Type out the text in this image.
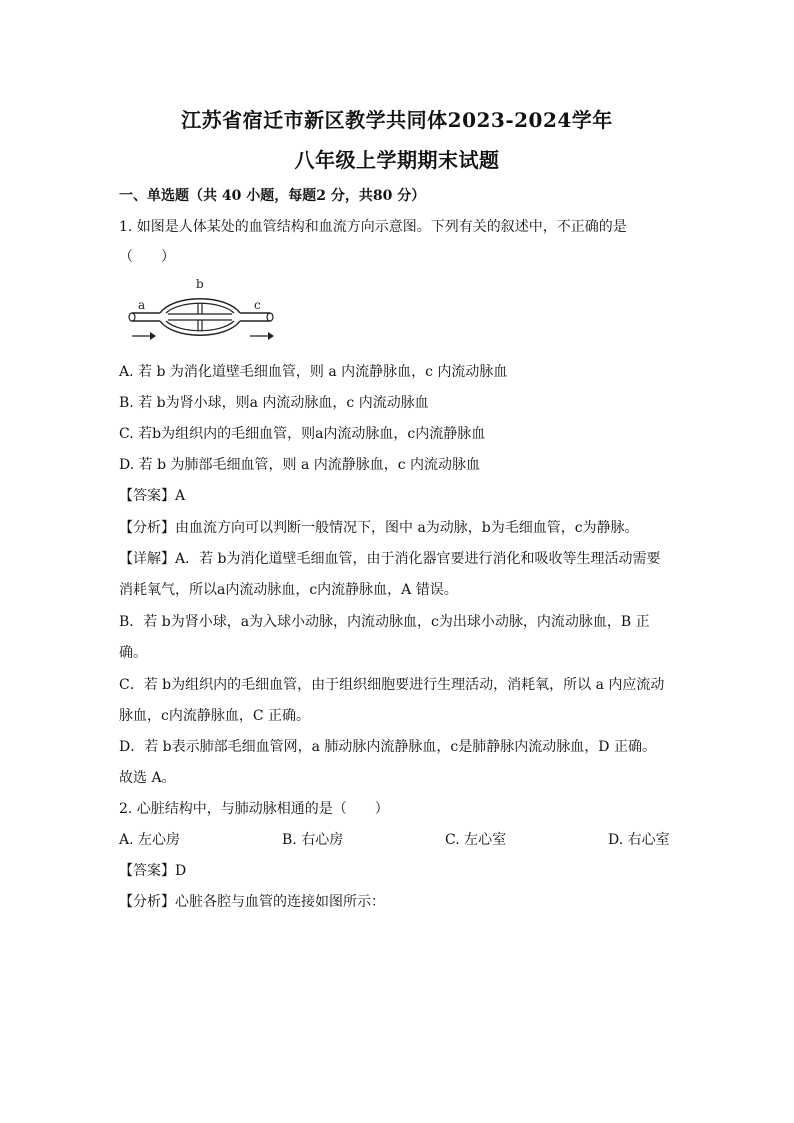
江苏省宿迁市新区教学共同体2023-2024学年
八年级上学期期末试题
一、单选题（共 40 小题，每题2 分，共80 分）
1. 如图是人体某处的血管结构和血流方向示意图。下列有关的叙述中，不正确的是
（　　）
a
b
c
A. 若 b 为消化道壁毛细血管，则 a 内流静脉血，c 内流动脉血
B. 若 b为肾小球，则a 内流动脉血，c 内流动脉血
C. 若b为组织内的毛细血管，则a内流动脉血，c内流静脉血
D. 若 b 为肺部毛细血管，则 a 内流静脉血，c 内流动脉血
【答案】A
【分析】由血流方向可以判断一般情况下，图中 a为动脉，b为毛细血管，c为静脉。
【详解】A．若 b为消化道壁毛细血管，由于消化器官要进行消化和吸收等生理活动需要
消耗氧气，所以a内流动脉血，c内流静脉血，A 错误。
B．若 b为肾小球，a为入球小动脉，内流动脉血，c为出球小动脉，内流动脉血，B 正
确。
C．若 b为组织内的毛细血管，由于组织细胞要进行生理活动，消耗氧，所以 a 内应流动
脉血，c内流静脉血，C 正确。
D．若 b表示肺部毛细血管网，a 肺动脉内流静脉血，c是肺静脉内流动脉血，D 正确。
故选 A。
2. 心脏结构中，与肺动脉相通的是（　　）
A. 左心房	B. 右心房	C. 左心室	D. 右心室
【答案】D
【分析】心脏各腔与血管的连接如图所示：
